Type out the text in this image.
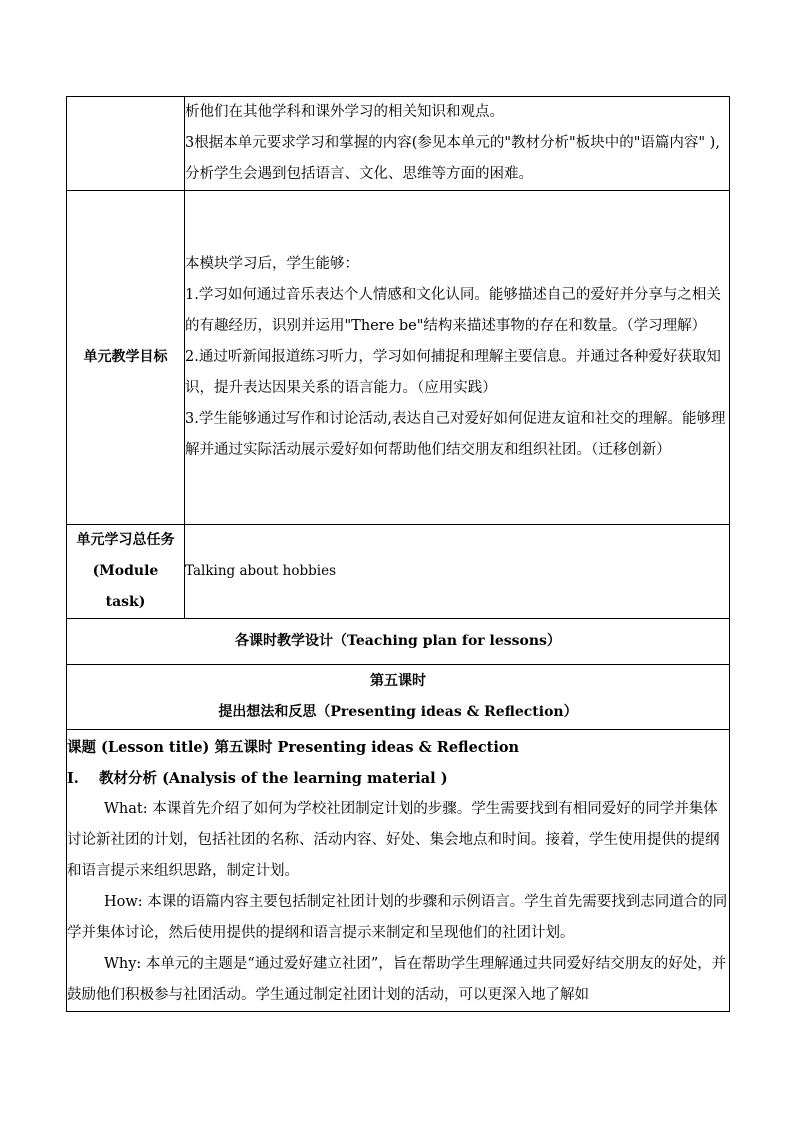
	析他们在其他学科和课外学习的相关知识和观点。
3根据本单元要求学习和掌握的内容(参见本单元的"教材分析"板块中的"语篇内容" ),分析学生会遇到包括语言、文化、思维等方面的困难。

单元教学目标	本模块学习后，学生能够：
1.学习如何通过音乐表达个人情感和文化认同。能够描述自己的爱好并分享与之相关的有趣经历，识别并运用"There be"结构来描述事物的存在和数量。（学习理解）
2.通过听新闻报道练习听力，学习如何捕捉和理解主要信息。并通过各种爱好获取知识，提升表达因果关系的语言能力。（应用实践）
3.学生能够通过写作和讨论活动,表达自己对爱好如何促进友谊和社交的理解。能够理解并通过实际活动展示爱好如何帮助他们结交朋友和组织社团。（迁移创新）

单元学习总任务(Module task)	Talking about hobbies
各课时教学设计（Teaching plan for lessons）	

第五课时
提出想法和反思（Presenting ideas & Reflection）	

课题 (Lesson title) 第五课时 Presenting ideas & Reflection
I.    教材分析 (Analysis of the learning material )
What: 本课首先介绍了如何为学校社团制定计划的步骤。学生需要找到有相同爱好的同学并集体讨论新社团的计划，包括社团的名称、活动内容、好处、集会地点和时间。接着，学生使用提供的提纲和语言提示来组织思路，制定计划。
How: 本课的语篇内容主要包括制定社团计划的步骤和示例语言。学生首先需要找到志同道合的同学并集体讨论，然后使用提供的提纲和语言提示来制定和呈现他们的社团计划。
Why: 本单元的主题是“通过爱好建立社团”，旨在帮助学生理解通过共同爱好结交朋友的好处，并鼓励他们积极参与社团活动。学生通过制定社团计划的活动，可以更深入地了解如	
